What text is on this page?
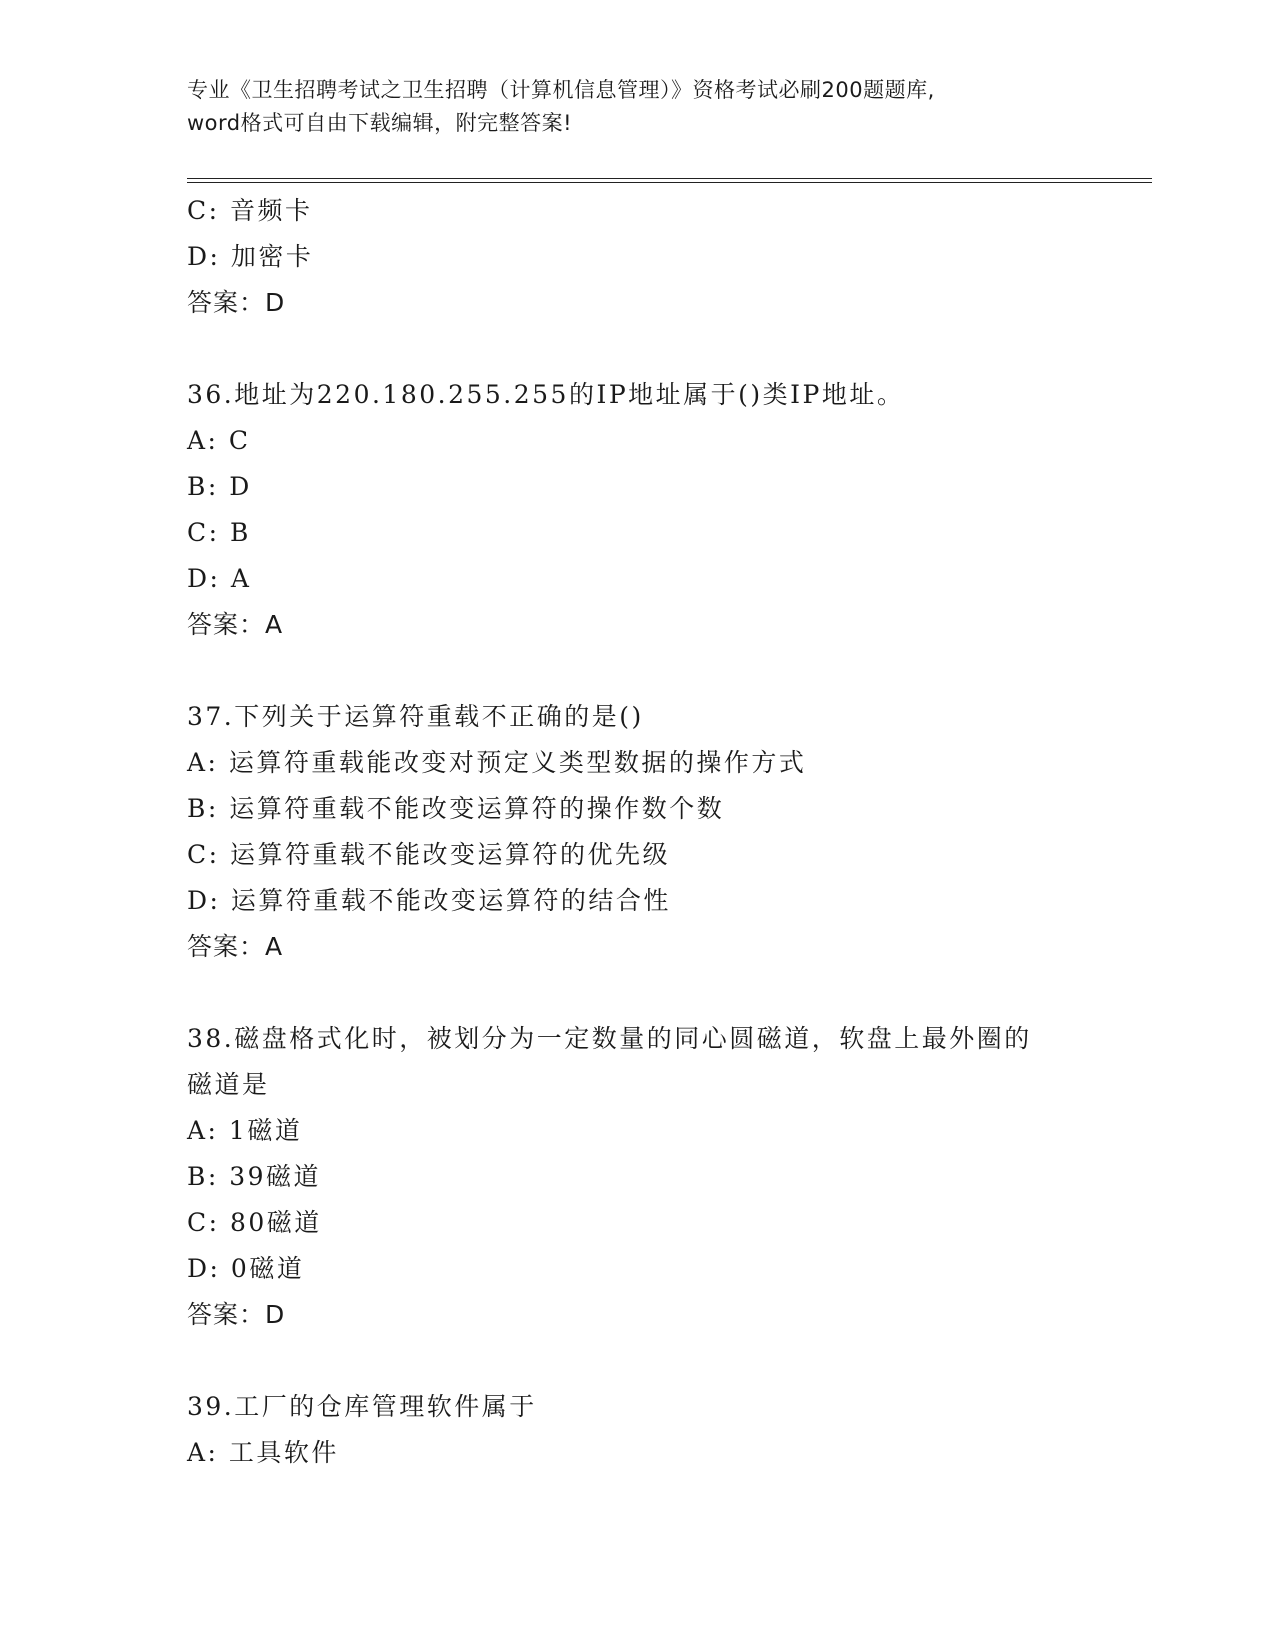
专业《卫生招聘考试之卫生招聘（计算机信息管理）》资格考试必刷200题题库,
word格式可自由下载编辑，附完整答案!
C: 音频卡
D: 加密卡
答案：D
36.地址为220.180.255.255的IP地址属于()类IP地址。
A: C
B: D
C: B
D: A
答案：A
37.下列关于运算符重载不正确的是()
A: 运算符重载能改变对预定义类型数据的操作方式
B: 运算符重载不能改变运算符的操作数个数
C: 运算符重载不能改变运算符的优先级
D: 运算符重载不能改变运算符的结合性
答案：A
38.磁盘格式化时，被划分为一定数量的同心圆磁道，软盘上最外圈的
磁道是
A: 1磁道
B: 39磁道
C: 80磁道
D: 0磁道
答案：D
39.工厂的仓库管理软件属于
A: 工具软件
